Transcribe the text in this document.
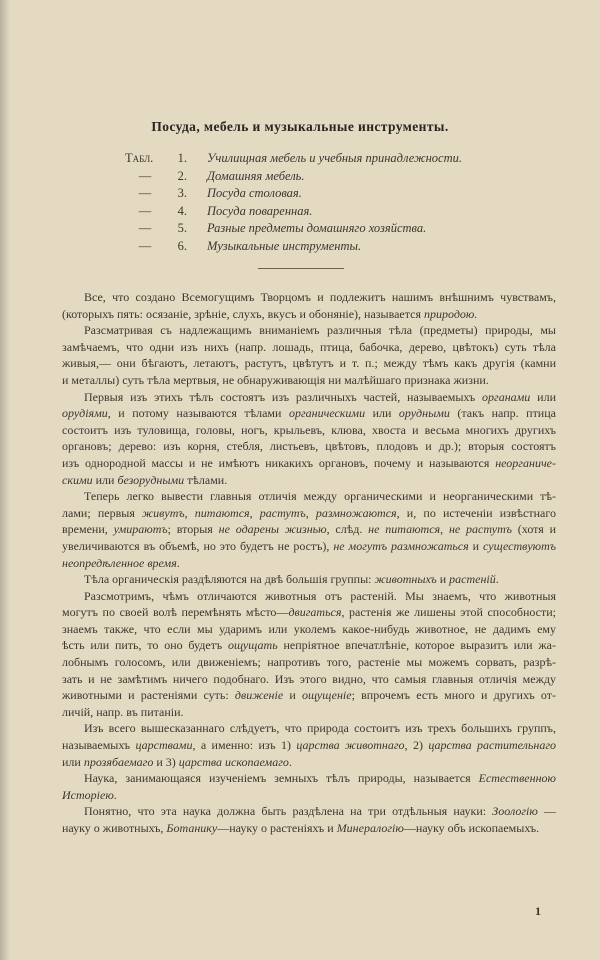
Посуда, мебель и музыкальные инструменты.
Табл.	1. Училищная мебель и учебныя принадлежности.
—	2. Домашняя мебель.
—	3. Посуда столовая.
—	4. Посуда поваренная.
—	5. Разные предметы домашняго хозяйства.
—	6. Музыкальные инструменты.
Все, что создано Всемогущимъ Творцомъ и подлежитъ нашимъ внѣшнимъ чувствамъ,
(которыхъ пять: осязаніе, зрѣніе, слухъ, вкусъ и обоняніе), называется природою.
Разсматривая съ надлежащимъ вниманіемъ различныя тѣла (предметы) природы, мы
замѣчаемъ, что одни изъ нихъ (напр. лошадь, птица, бабочка, дерево, цвѣтокъ) суть тѣла
живыя,— они бѣгаютъ, летаютъ, растутъ, цвѣтутъ и т. п.; между тѣмъ какъ другія (камни
и металлы) суть тѣла мертвыя, не обнаруживающія ни малѣйшаго признака жизни.
Первыя изъ этихъ тѣлъ состоятъ изъ различныхъ частей, называемыхъ органами или
орудіями, и потому называются тѣлами органическими или орудными (такъ напр. птица
состоитъ изъ туловища, головы, ногъ, крыльевъ, клюва, хвоста и весьма многихъ другихъ
органовъ; дерево: изъ корня, стебля, листьевъ, цвѣтовъ, плодовъ и др.); вторыя состоятъ
изъ однородной массы и не имѣютъ никакихъ органовъ, почему и называются неорганиче-
скими или безорудными тѣлами.
Теперь легко вывести главныя отличія между органическими и неорганическими тѣ-
лами; первыя живутъ, питаются, растутъ, размножаются, и, по истеченіи извѣстнаго
времени, умираютъ; вторыя не одарены жизнью, слѣд. не питаются, не растутъ (хотя и
увеличиваются въ объемѣ, но это будетъ не ростъ), не могутъ размножаться и существуютъ
неопредѣленное время.
Тѣла органическія раздѣляются на двѣ большія группы: животныхъ и растеній.
Разсмотримъ, чѣмъ отличаются животныя отъ растеній. Мы знаемъ, что животныя
могутъ по своей волѣ перемѣнять мѣсто—двигаться, растенія же лишены этой способности;
знаемъ также, что если мы ударимъ или уколемъ какое-нибудь животное, не дадимъ ему
ѣсть или пить, то оно будетъ ощущать непріятное впечатлѣніе, которое выразитъ или жа-
лобнымъ голосомъ, или движеніемъ; напротивъ того, растеніе мы можемъ сорвать, разрѣ-
зать и не замѣтимъ ничего подобнаго. Изъ этого видно, что самыя главныя отличія между
животными и растеніями суть: движеніе и ощущеніе; впрочемъ есть много и другихъ от-
личій, напр. въ питаніи.
Изъ всего вышесказаннаго слѣдуетъ, что природа состоитъ изъ трехъ большихъ группъ,
называемыхъ царствами, а именно: изъ 1) царства животнаго, 2) царства растительнаго
или прозябаемаго и 3) царства ископаемаго.
Наука, занимающаяся изученіемъ земныхъ тѣлъ природы, называется Естественною
Исторіею.
Понятно, что эта наука должна быть раздѣлена на три отдѣльныя науки: Зоологію —
науку о животныхъ, Ботанику—науку о растеніяхъ и Минералогію—науку объ ископаемыхъ.
1
